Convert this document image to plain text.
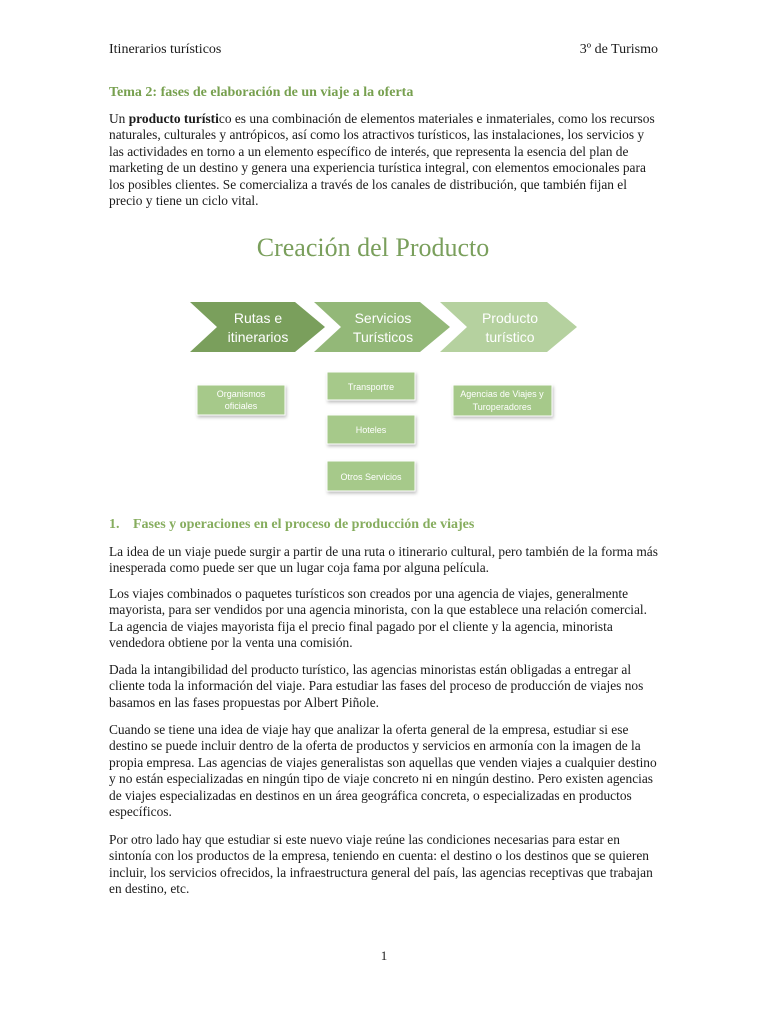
Itinerarios turísticos	3º de Turismo
Tema 2: fases de elaboración de un viaje a la oferta
Un producto turístico es una combinación de elementos materiales e inmateriales, como los recursos naturales, culturales y antrópicos, así como los atractivos turísticos, las instalaciones, los servicios y las actividades en torno a un elemento específico de interés, que representa la esencia del plan de marketing de un destino y genera una experiencia turística integral, con elementos emocionales para los posibles clientes. Se comercializa a través de los canales de distribución, que también fijan el precio y tiene un ciclo vital.
Creación del Producto
Rutas e
itinerarios
Servicios
Turísticos
Producto
turístico
Organismos
oficiales
Transportre
Hoteles
Otros Servicios
Agencias de Viajes y
Turoperadores
1. Fases y operaciones en el proceso de producción de viajes
La idea de un viaje puede surgir a partir de una ruta o itinerario cultural, pero también de la forma más inesperada como puede ser que un lugar coja fama por alguna película.
Los viajes combinados o paquetes turísticos son creados por una agencia de viajes, generalmente mayorista, para ser vendidos por una agencia minorista, con la que establece una relación comercial. La agencia de viajes mayorista fija el precio final pagado por el cliente y la agencia, minorista vendedora obtiene por la venta una comisión.
Dada la intangibilidad del producto turístico, las agencias minoristas están obligadas a entregar al cliente toda la información del viaje. Para estudiar las fases del proceso de producción de viajes nos basamos en las fases propuestas por Albert Piñole.
Cuando se tiene una idea de viaje hay que analizar la oferta general de la empresa, estudiar si ese destino se puede incluir dentro de la oferta de productos y servicios en armonía con la imagen de la propia empresa. Las agencias de viajes generalistas son aquellas que venden viajes a cualquier destino y no están especializadas en ningún tipo de viaje concreto ni en ningún destino. Pero existen agencias de viajes especializadas en destinos en un área geográfica concreta, o especializadas en productos específicos.
Por otro lado hay que estudiar si este nuevo viaje reúne las condiciones necesarias para estar en sintonía con los productos de la empresa, teniendo en cuenta: el destino o los destinos que se quieren incluir, los servicios ofrecidos, la infraestructura general del país, las agencias receptivas que trabajan en destino, etc.
1
